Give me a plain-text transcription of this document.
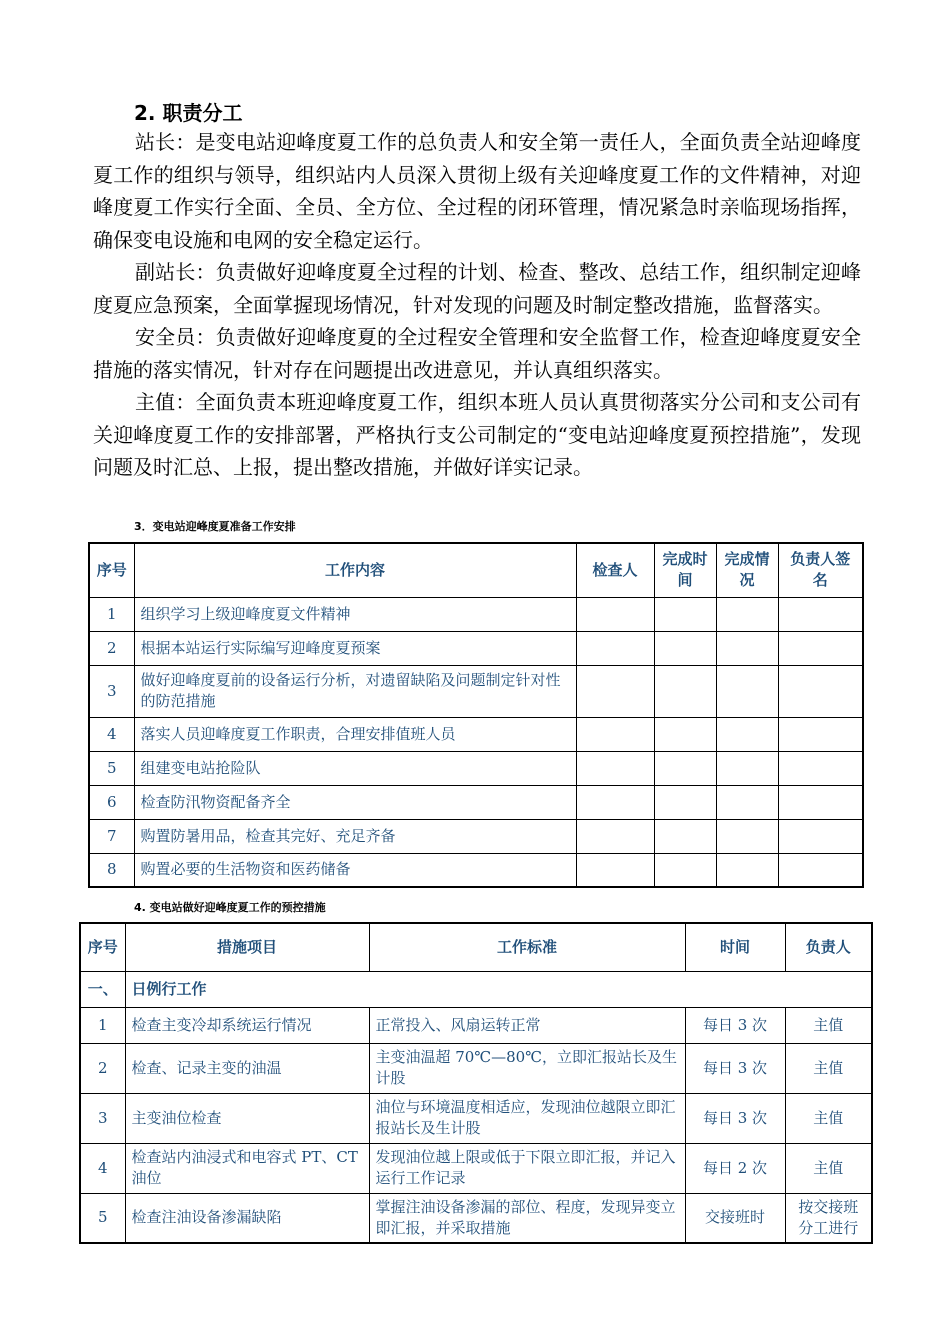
2. 职责分工

站长：是变电站迎峰度夏工作的总负责人和安全第一责任人，全面负责全站迎峰度夏工作的组织与领导，组织站内人员深入贯彻上级有关迎峰度夏工作的文件精神，对迎峰度夏工作实行全面、全员、全方位、全过程的闭环管理，情况紧急时亲临现场指挥，确保变电设施和电网的安全稳定运行。

副站长：负责做好迎峰度夏全过程的计划、检查、整改、总结工作，组织制定迎峰度夏应急预案，全面掌握现场情况，针对发现的问题及时制定整改措施，监督落实。

安全员：负责做好迎峰度夏的全过程安全管理和安全监督工作，检查迎峰度夏安全措施的落实情况，针对存在问题提出改进意见，并认真组织落实。

主值：全面负责本班迎峰度夏工作，组织本班人员认真贯彻落实分公司和支公司有关迎峰度夏工作的安排部署，严格执行支公司制定的“变电站迎峰度夏预控措施”，发现问题及时汇总、上报，提出整改措施，并做好详实记录。

3．变电站迎峰度夏准备工作安排
序号	工作内容	检查人	完成时间	完成情况	负责人签名
1	组织学习上级迎峰度夏文件精神				
2	根据本站运行实际编写迎峰度夏预案				
3	做好迎峰度夏前的设备运行分析，对遗留缺陷及问题制定针对性的防范措施				
4	落实人员迎峰度夏工作职责，合理安排值班人员				
5	组建变电站抢险队				
6	检查防汛物资配备齐全				
7	购置防暑用品，检查其完好、充足齐备				
8	购置必要的生活物资和医药储备				
4. 变电站做好迎峰度夏工作的预控措施
序号	措施项目	工作标准	时间	负责人
一、	日例行工作			
1	检查主变冷却系统运行情况	正常投入、风扇运转正常	每日 3 次	主值
2	检查、记录主变的油温	主变油温超 70℃—80℃，立即汇报站长及生计股	每日 3 次	主值
3	主变油位检查	油位与环境温度相适应，发现油位越限立即汇报站长及生计股	每日 3 次	主值
4	检查站内油浸式和电容式 PT、CT 油位	发现油位越上限或低于下限立即汇报，并记入运行工作记录	每日 2 次	主值
5	检查注油设备渗漏缺陷	掌握注油设备渗漏的部位、程度，发现异变立即汇报，并采取措施	交接班时	按交接班分工进行
